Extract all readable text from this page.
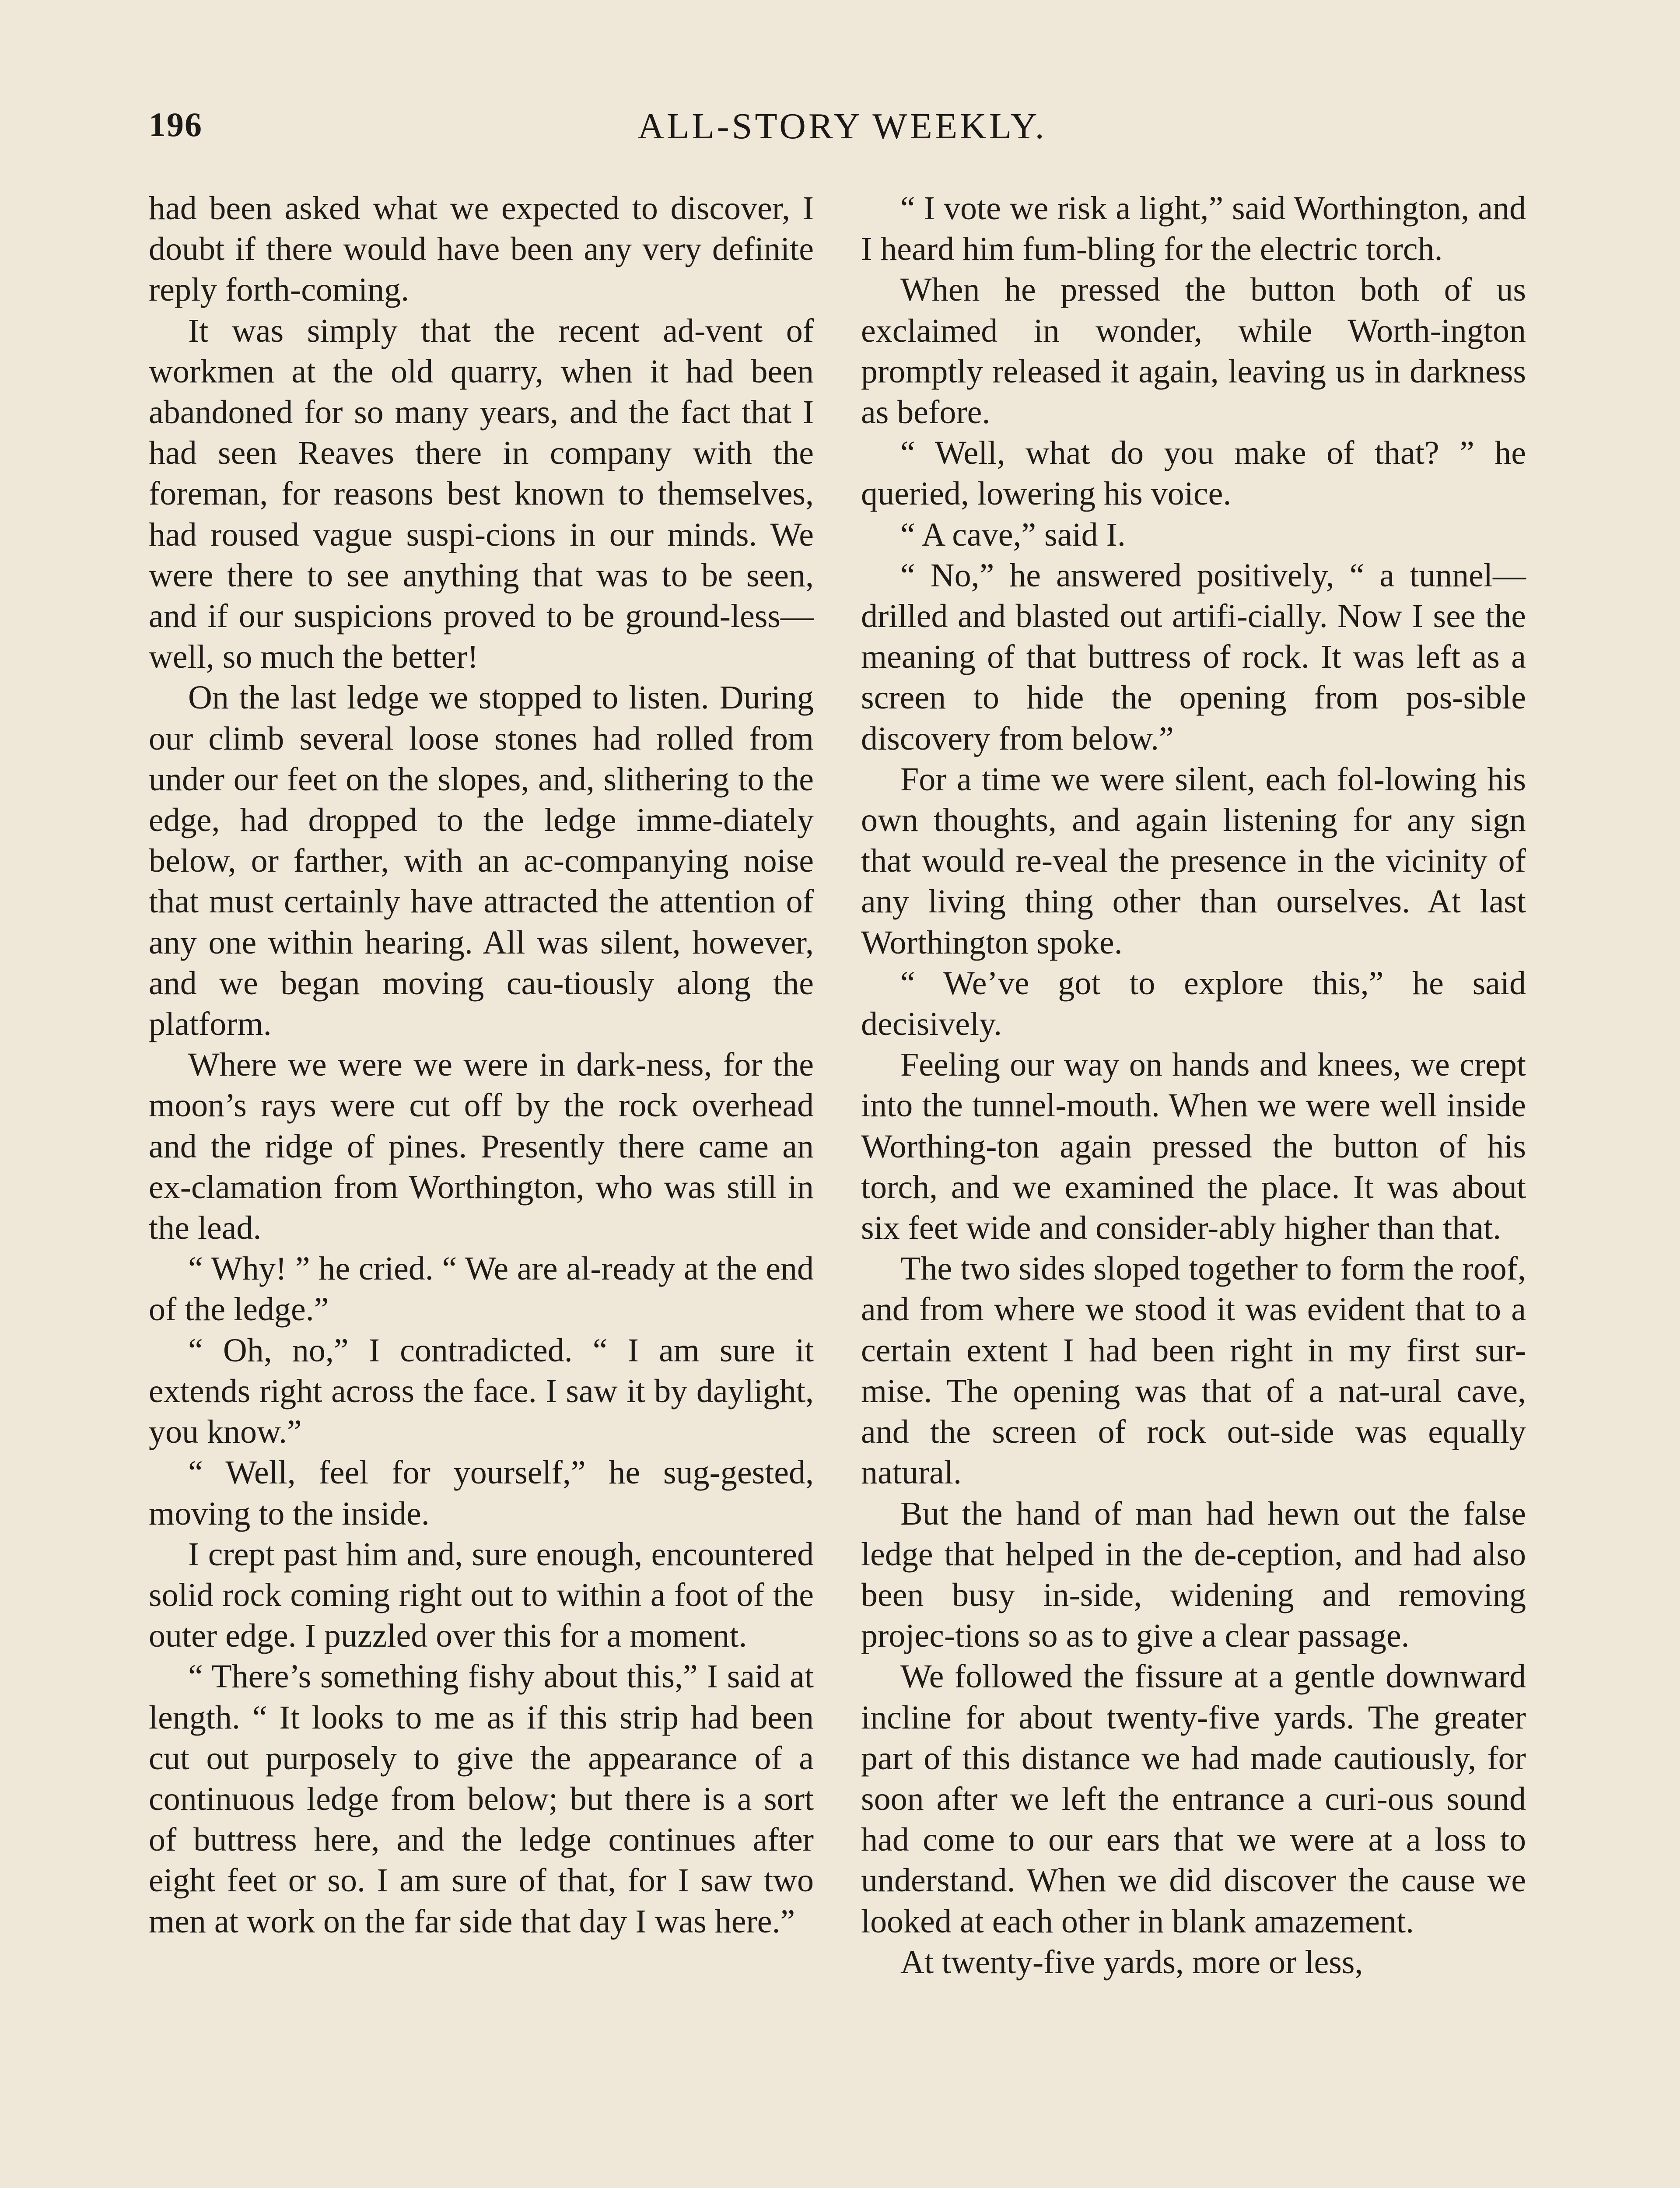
196	ALL-STORY WEEKLY.

had been asked what we expected to discover, I doubt if there would have been any very definite reply forth-coming.

It was simply that the recent ad-vent of workmen at the old quarry, when it had been abandoned for so many years, and the fact that I had seen Reaves there in company with the foreman, for reasons best known to themselves, had roused vague suspi-cions in our minds. We were there to see anything that was to be seen, and if our suspicions proved to be ground-less—well, so much the better!

On the last ledge we stopped to listen. During our climb several loose stones had rolled from under our feet on the slopes, and, slithering to the edge, had dropped to the ledge imme-diately below, or farther, with an ac-companying noise that must certainly have attracted the attention of any one within hearing. All was silent, however, and we began moving cau-tiously along the platform.

Where we were we were in dark-ness, for the moon’s rays were cut off by the rock overhead and the ridge of pines. Presently there came an ex-clamation from Worthington, who was still in the lead.

“ Why! ” he cried. “ We are al-ready at the end of the ledge.”

“ Oh, no,” I contradicted. “ I am sure it extends right across the face. I saw it by daylight, you know.”

“ Well, feel for yourself,” he sug-gested, moving to the inside.

I crept past him and, sure enough, encountered solid rock coming right out to within a foot of the outer edge. I puzzled over this for a moment.

“ There’s something fishy about this,” I said at length. “ It looks to me as if this strip had been cut out purposely to give the appearance of a continuous ledge from below; but there is a sort of buttress here, and the ledge continues after eight feet or so. I am sure of that, for I saw two men at work on the far side that day I was here.”

“ I vote we risk a light,” said Worthington, and I heard him fum-bling for the electric torch.

When he pressed the button both of us exclaimed in wonder, while Worth-ington promptly released it again, leaving us in darkness as before.

“ Well, what do you make of that? ” he queried, lowering his voice.

“ A cave,” said I.

“ No,” he answered positively, “ a tunnel—drilled and blasted out artifi-cially. Now I see the meaning of that buttress of rock. It was left as a screen to hide the opening from pos-sible discovery from below.”

For a time we were silent, each fol-lowing his own thoughts, and again listening for any sign that would re-veal the presence in the vicinity of any living thing other than ourselves. At last Worthington spoke.

“ We’ve got to explore this,” he said decisively.

Feeling our way on hands and knees, we crept into the tunnel-mouth. When we were well inside Worthing-ton again pressed the button of his torch, and we examined the place. It was about six feet wide and consider-ably higher than that.

The two sides sloped together to form the roof, and from where we stood it was evident that to a certain extent I had been right in my first sur-mise. The opening was that of a nat-ural cave, and the screen of rock out-side was equally natural.

But the hand of man had hewn out the false ledge that helped in the de-ception, and had also been busy in-side, widening and removing projec-tions so as to give a clear passage.

We followed the fissure at a gentle downward incline for about twenty-five yards. The greater part of this distance we had made cautiously, for soon after we left the entrance a curi-ous sound had come to our ears that we were at a loss to understand. When we did discover the cause we looked at each other in blank amazement.

At twenty-five yards, more or less,
